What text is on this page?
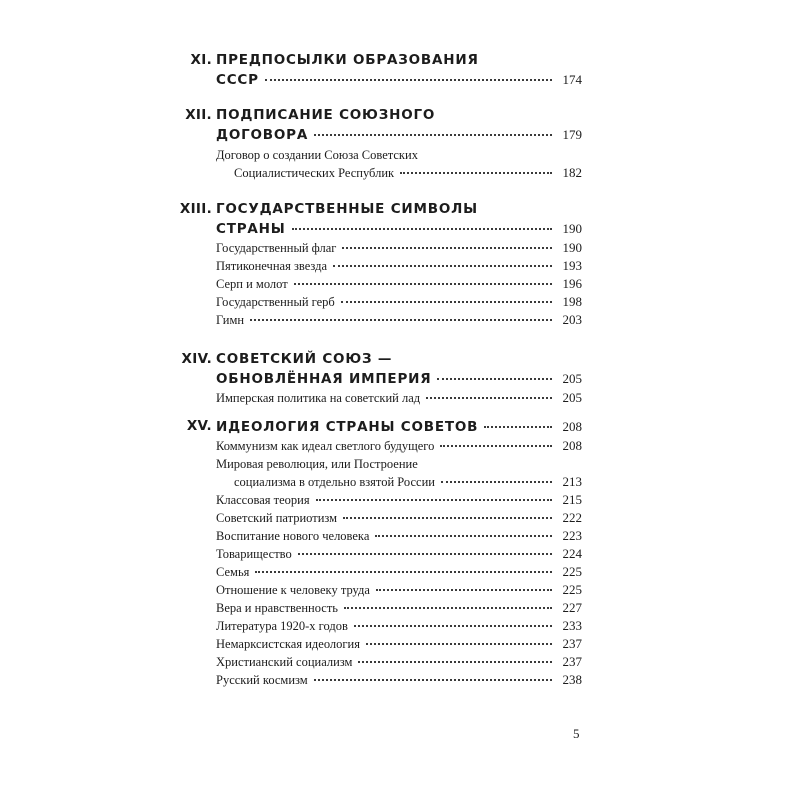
XI. ПРЕДПОСЫЛКИ ОБРАЗОВАНИЯ
СССР	174
XII. ПОДПИСАНИЕ СОЮЗНОГО
ДОГОВОРА	179
Договор о создании Союза Советских
Социалистических Республик	182
XIII. ГОСУДАРСТВЕННЫЕ СИМВОЛЫ
СТРАНЫ	190
Государственный флаг	190
Пятиконечная звезда	193
Серп и молот	196
Государственный герб	198
Гимн	203
XIV. СОВЕТСКИЙ СОЮЗ —
ОБНОВЛЁННАЯ ИМПЕРИЯ	205
Имперская политика на советский лад	205
XV. ИДЕОЛОГИЯ СТРАНЫ СОВЕТОВ	208
Коммунизм как идеал светлого будущего	208
Мировая революция, или Построение
социализма в отдельно взятой России	213
Классовая теория	215
Советский патриотизм	222
Воспитание нового человека	223
Товарищество	224
Семья	225
Отношение к человеку труда	225
Вера и нравственность	227
Литература 1920-х годов	233
Немарксистская идеология	237
Христианский социализм	237
Русский космизм	238
5
